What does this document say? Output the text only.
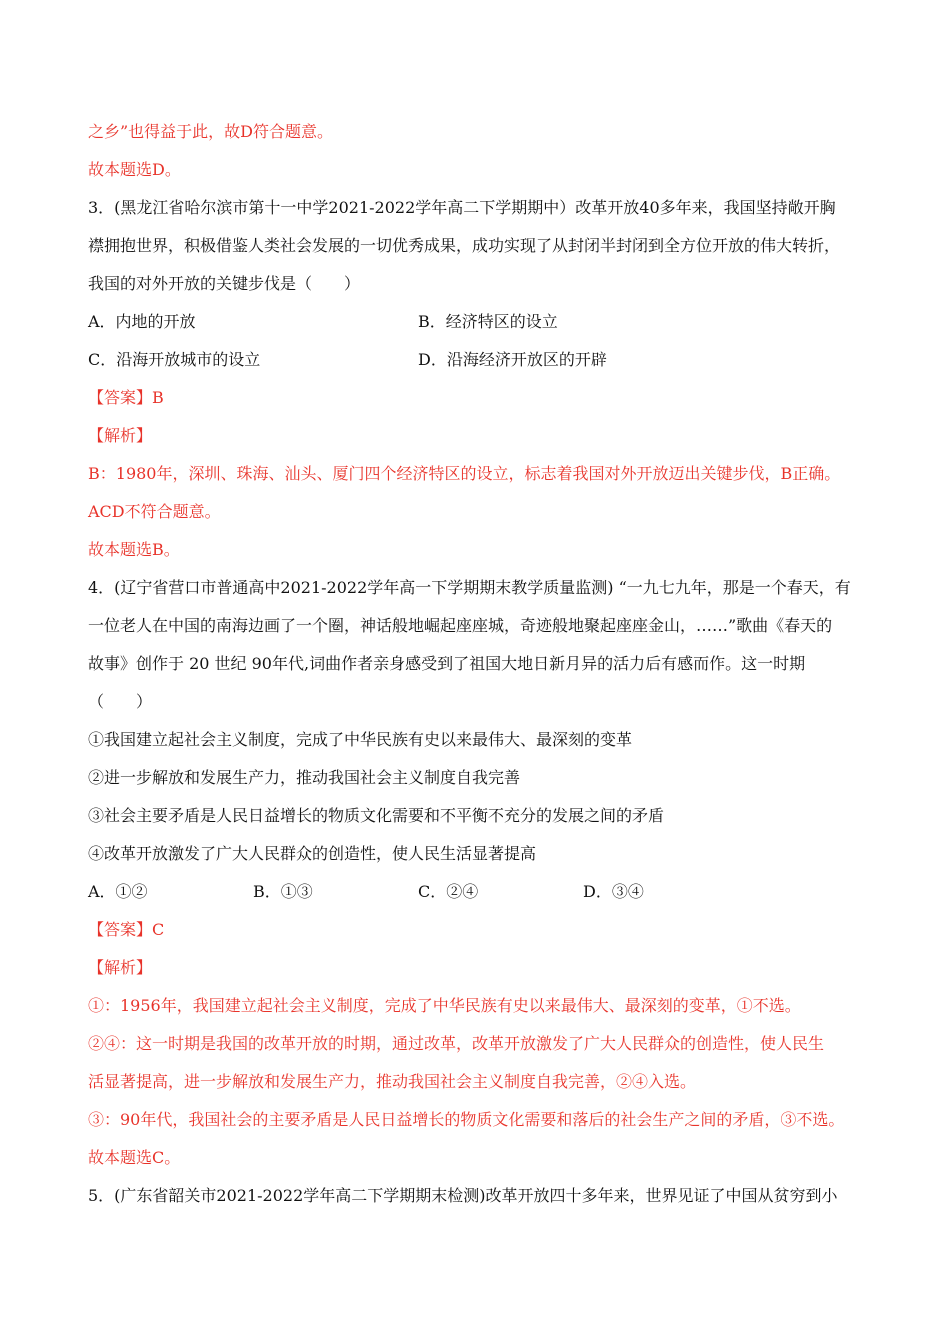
之乡”也得益于此，故D符合题意。
故本题选D。
3．(黑龙江省哈尔滨市第十一中学2021-2022学年高二下学期期中）改革开放40多年来，我国坚持敞开胸
襟拥抱世界，积极借鉴人类社会发展的一切优秀成果，成功实现了从封闭半封闭到全方位开放的伟大转折，
我国的对外开放的关键步伐是（　　）
A．内地的开放	B．经济特区的设立
C．沿海开放城市的设立	D．沿海经济开放区的开辟
【答案】B
【解析】
B：1980年，深圳、珠海、汕头、厦门四个经济特区的设立，标志着我国对外开放迈出关键步伐，B正确。
ACD不符合题意。
故本题选B。
4．(辽宁省营口市普通高中2021-2022学年高一下学期期末教学质量监测) “一九七九年，那是一个春天，有
一位老人在中国的南海边画了一个圈，神话般地崛起座座城，奇迹般地聚起座座金山，……”歌曲《春天的
故事》创作于 20 世纪 90年代,词曲作者亲身感受到了祖国大地日新月异的活力后有感而作。这一时期
（　　）
①我国建立起社会主义制度，完成了中华民族有史以来最伟大、最深刻的变革
②进一步解放和发展生产力，推动我国社会主义制度自我完善
③社会主要矛盾是人民日益增长的物质文化需要和不平衡不充分的发展之间的矛盾
④改革开放激发了广大人民群众的创造性，使人民生活显著提高
A．①②	B．①③	C．②④	D．③④
【答案】C
【解析】
①：1956年，我国建立起社会主义制度，完成了中华民族有史以来最伟大、最深刻的变革，①不选。
②④：这一时期是我国的改革开放的时期，通过改革，改革开放激发了广大人民群众的创造性，使人民生
活显著提高，进一步解放和发展生产力，推动我国社会主义制度自我完善，②④入选。
③：90年代，我国社会的主要矛盾是人民日益增长的物质文化需要和落后的社会生产之间的矛盾，③不选。
故本题选C。
5．(广东省韶关市2021-2022学年高二下学期期末检测)改革开放四十多年来，世界见证了中国从贫穷到小
